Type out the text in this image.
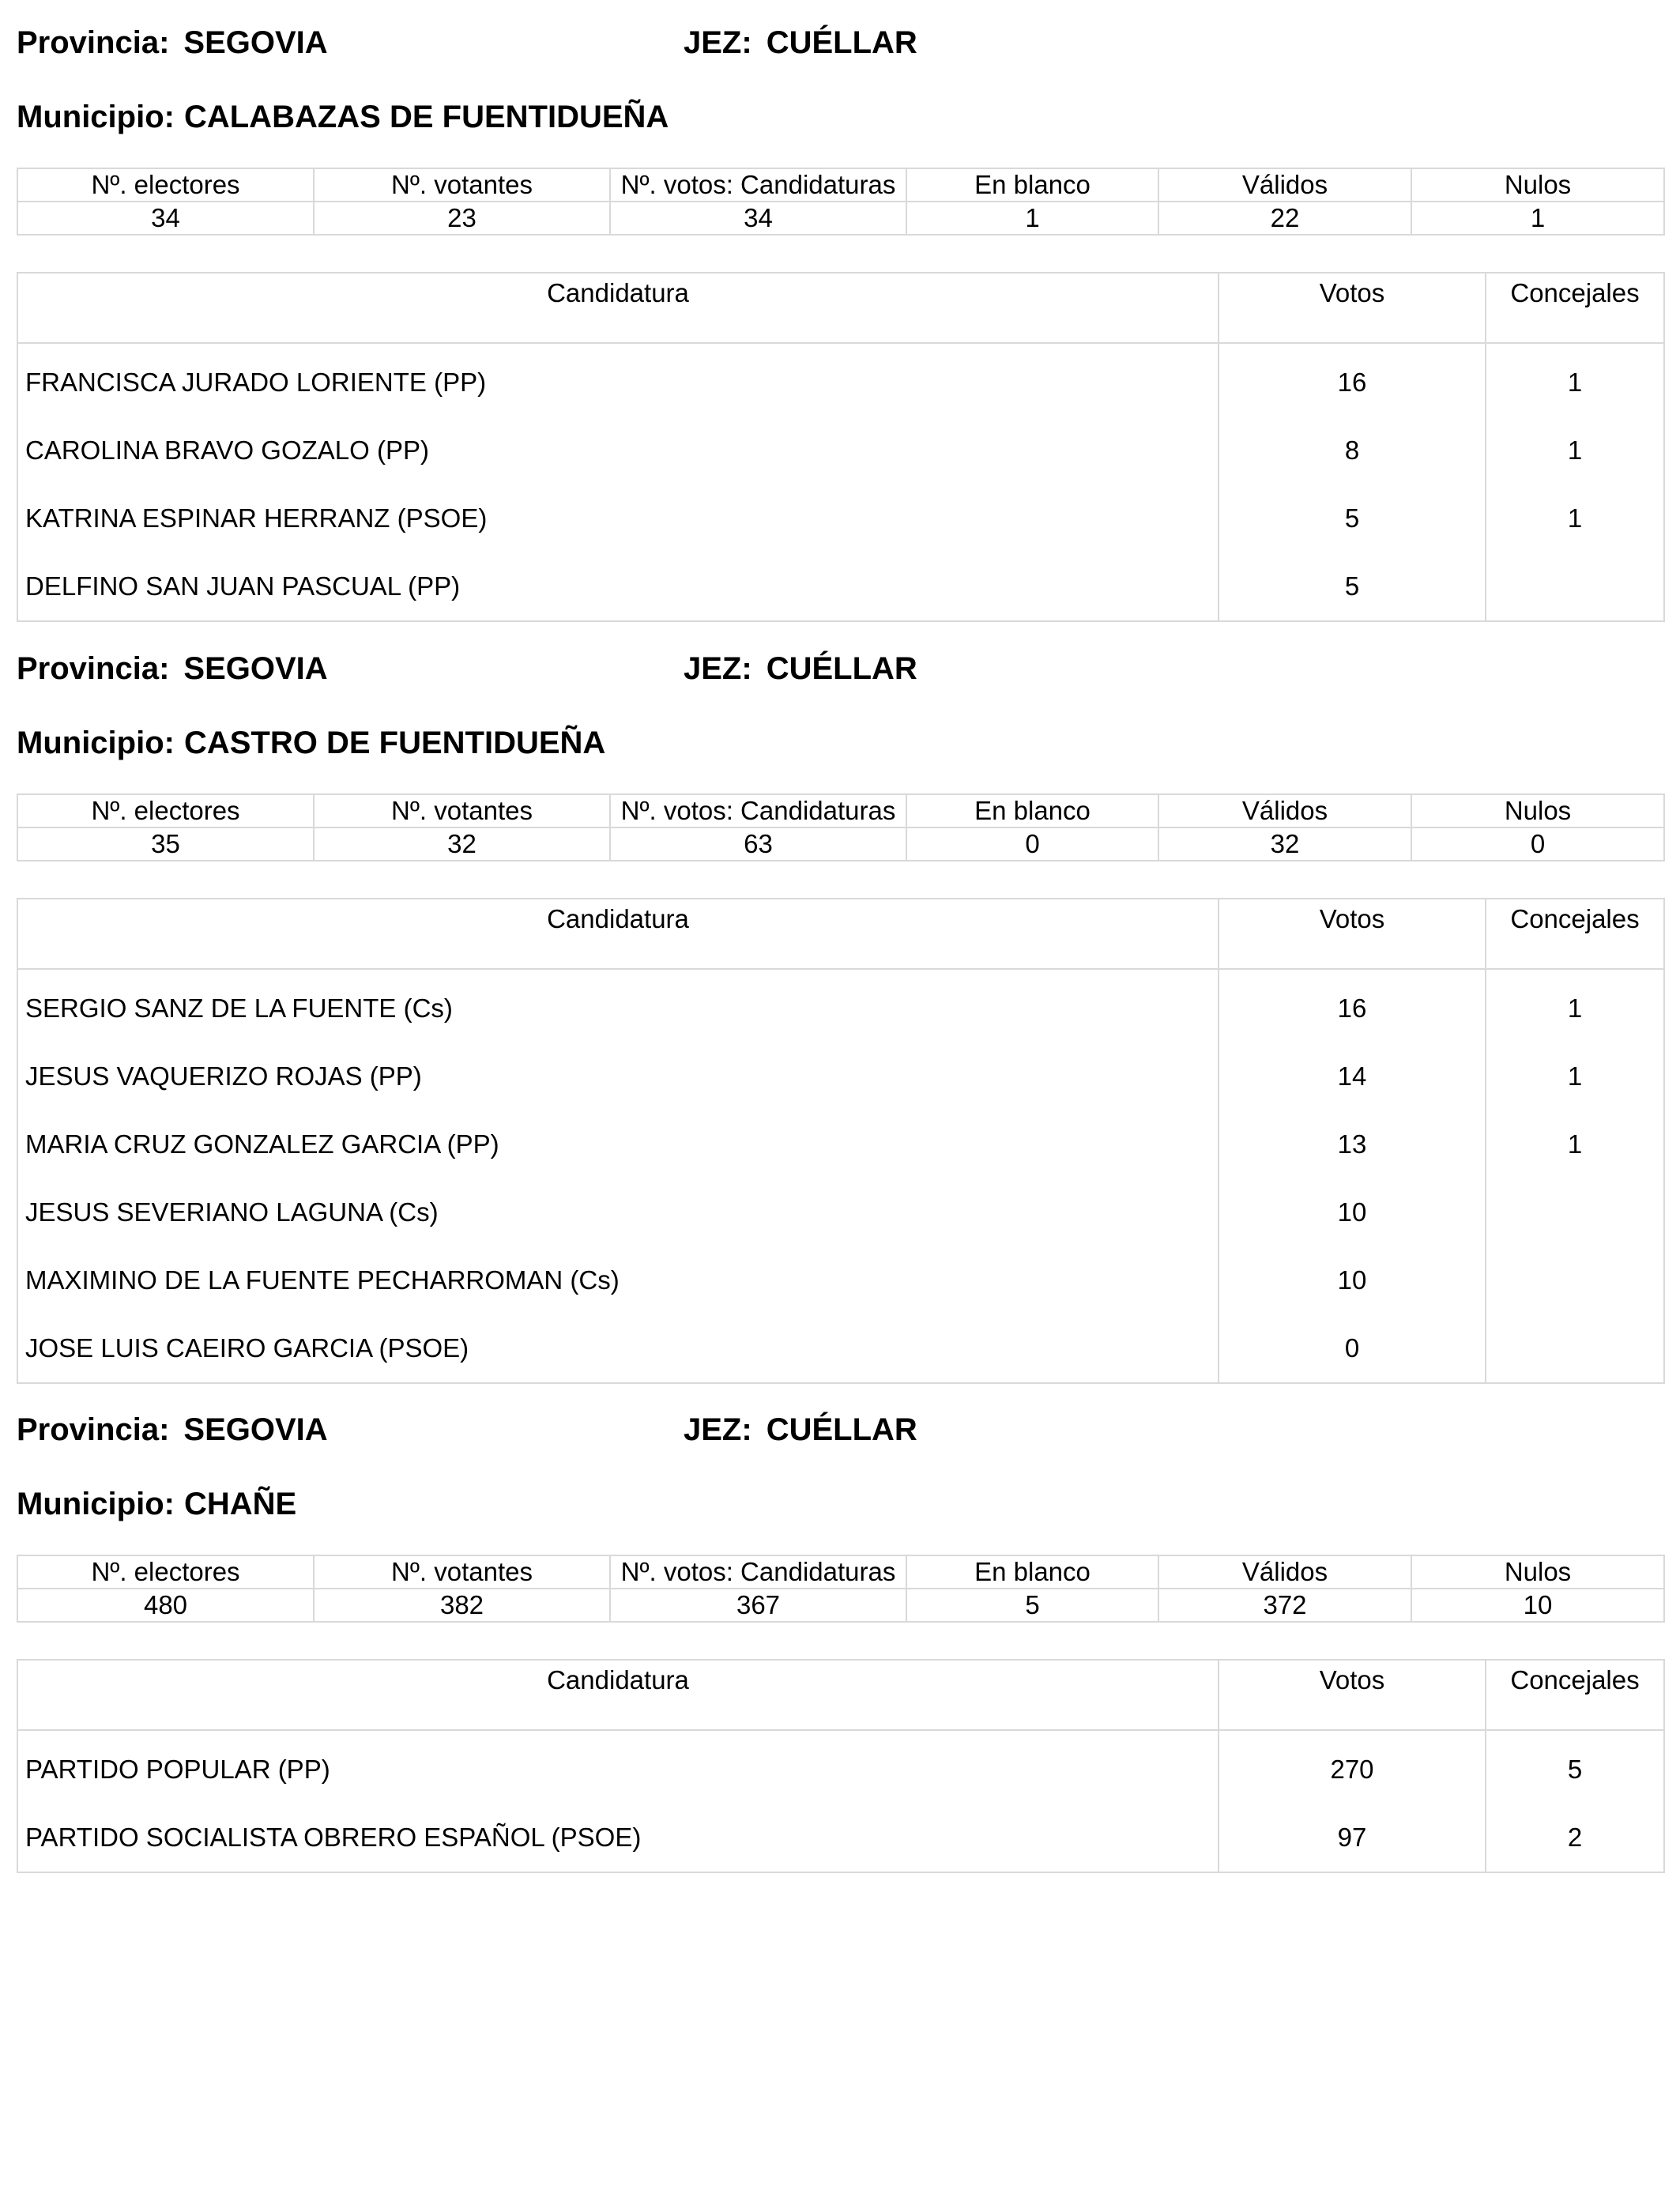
Provincia: SEGOVIA

	JEZ: CUÉLLAR

Municipio: CALABAZAS DE FUENTIDUEÑA
Nº. electores	Nº. votantes	Nº. votos: Candidaturas	En blanco	Válidos	Nulos
34	23	34	1	22	1
Candidatura	Votos	Concejales
FRANCISCA JURADO LORIENTE (PP)	16	1
CAROLINA BRAVO GOZALO (PP)	8	1
KATRINA ESPINAR HERRANZ (PSOE)	5	1
DELFINO SAN JUAN PASCUAL (PP)	5	

Provincia: SEGOVIA

	JEZ: CUÉLLAR

Municipio: CASTRO DE FUENTIDUEÑA
Nº. electores	Nº. votantes	Nº. votos: Candidaturas	En blanco	Válidos	Nulos
35	32	63	0	32	0
Candidatura	Votos	Concejales
SERGIO SANZ DE LA FUENTE (Cs)	16	1
JESUS VAQUERIZO ROJAS (PP)	14	1
MARIA CRUZ GONZALEZ GARCIA (PP)	13	1
JESUS SEVERIANO LAGUNA (Cs)	10	
MAXIMINO DE LA FUENTE PECHARROMAN (Cs)	10	
JOSE LUIS CAEIRO GARCIA (PSOE)	0	

Provincia: SEGOVIA

	JEZ: CUÉLLAR

Municipio: CHAÑE
Nº. electores	Nº. votantes	Nº. votos: Candidaturas	En blanco	Válidos	Nulos
480	382	367	5	372	10
Candidatura	Votos	Concejales
PARTIDO POPULAR (PP)	270	5
PARTIDO SOCIALISTA OBRERO ESPAÑOL (PSOE)	97	2
